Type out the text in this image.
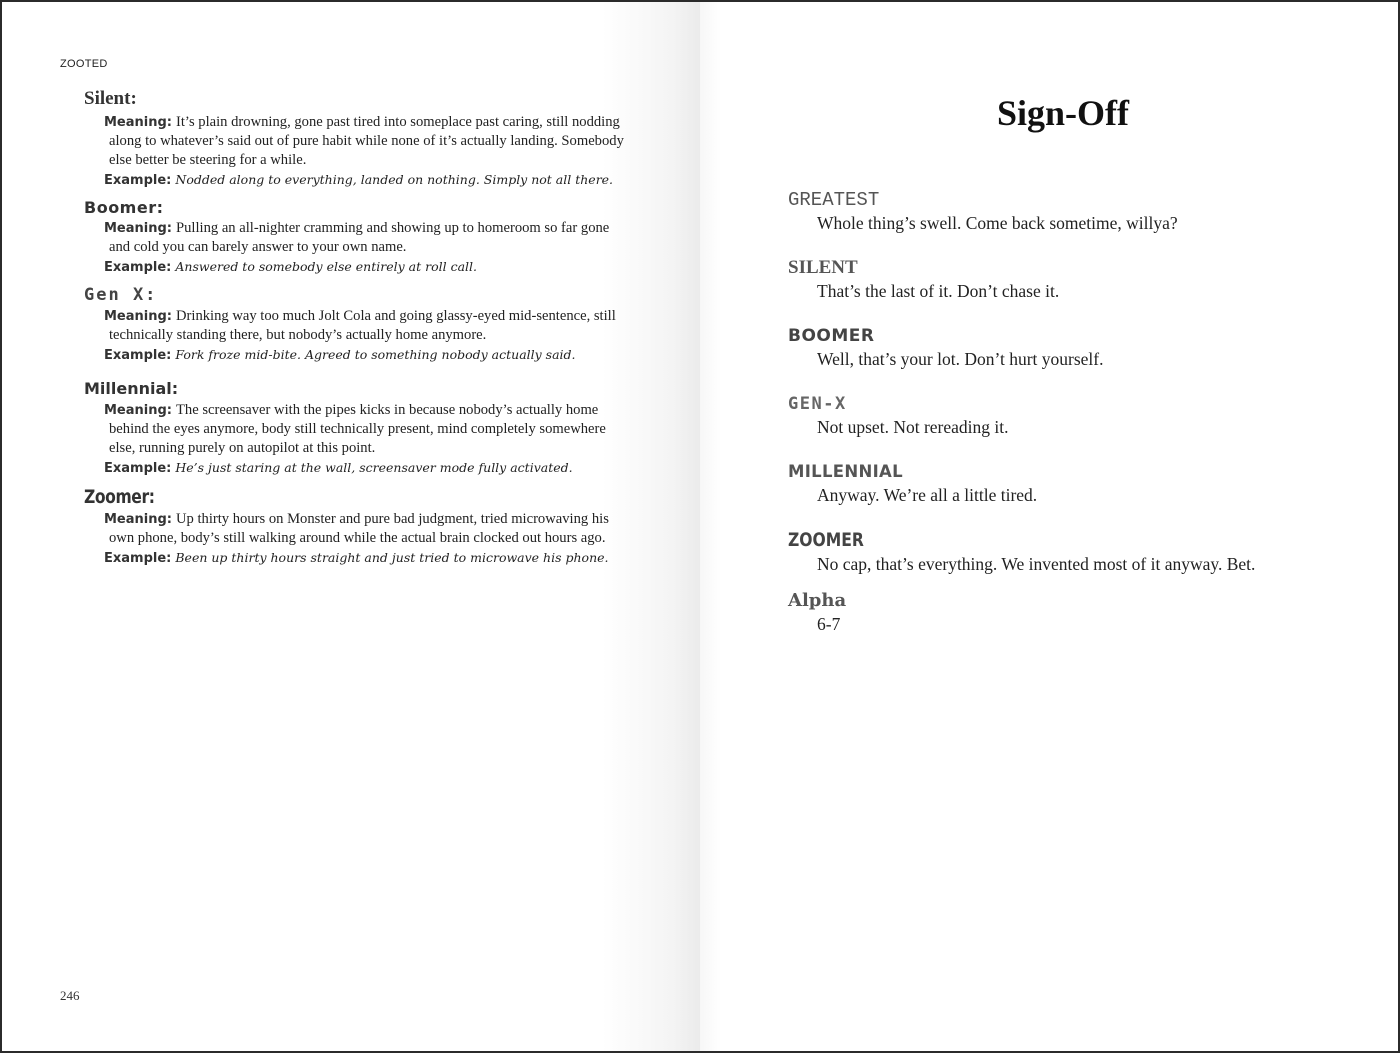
ZOOTED
Silent:
Meaning: It’s plain drowning, gone past tired into someplace past caring, still nodding along to whatever’s said out of pure habit while none of it’s actually landing. Somebody else better be steering for a while.
Example: Nodded along to everything, landed on nothing. Simply not all there.
Boomer:
Meaning: Pulling an all-nighter cramming and showing up to homeroom so far gone and cold you can barely answer to your own name.
Example: Answered to somebody else entirely at roll call.
Gen X:
Meaning: Drinking way too much Jolt Cola and going glassy-eyed mid-sentence, still technically standing there, but nobody’s actually home anymore.
Example: Fork froze mid-bite. Agreed to something nobody actually said.
Millennial:
Meaning: The screensaver with the pipes kicks in because nobody’s actually home behind the eyes anymore, body still technically present, mind completely somewhere else, running purely on autopilot at this point.
Example: He’s just staring at the wall, screensaver mode fully activated.
Zoomer:
Meaning: Up thirty hours on Monster and pure bad judgment, tried microwaving his own phone, body’s still walking around while the actual brain clocked out hours ago.
Example: Been up thirty hours straight and just tried to microwave his phone.
246
Sign-Off
GREATEST
Whole thing’s swell. Come back sometime, willya?
SILENT
That’s the last of it. Don’t chase it.
BOOMER
Well, that’s your lot. Don’t hurt yourself.
GEN-X
Not upset. Not rereading it.
MILLENNIAL
Anyway. We’re all a little tired.
ZOOMER
No cap, that’s everything. We invented most of it anyway. Bet.
Alpha
6-7
